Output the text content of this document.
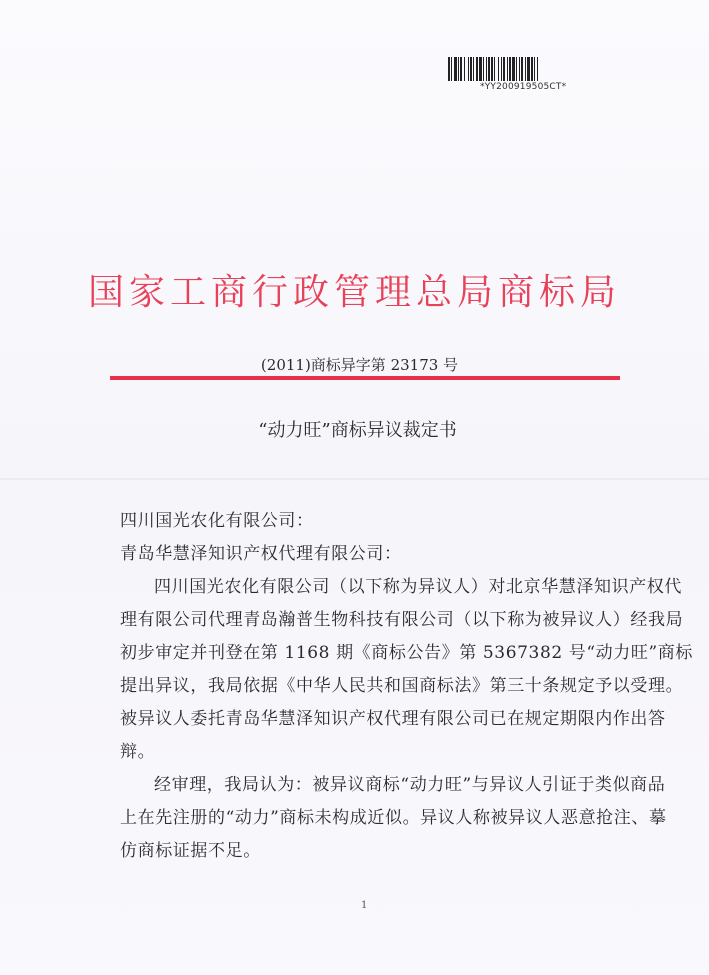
*YY200919505CT*
国家工商行政管理总局商标局
(2011)商标异字第 23173 号
“动力旺”商标异议裁定书
四川国光农化有限公司：
青岛华慧泽知识产权代理有限公司：
四川国光农化有限公司（以下称为异议人）对北京华慧泽知识产权代
理有限公司代理青岛瀚普生物科技有限公司（以下称为被异议人）经我局
初步审定并刊登在第 1168 期《商标公告》第 5367382 号“动力旺”商标
提出异议，我局依据《中华人民共和国商标法》第三十条规定予以受理。
被异议人委托青岛华慧泽知识产权代理有限公司已在规定期限内作出答
辩。
经审理，我局认为：被异议商标“动力旺”与异议人引证于类似商品
上在先注册的“动力”商标未构成近似。异议人称被异议人恶意抢注、摹
仿商标证据不足。
1
